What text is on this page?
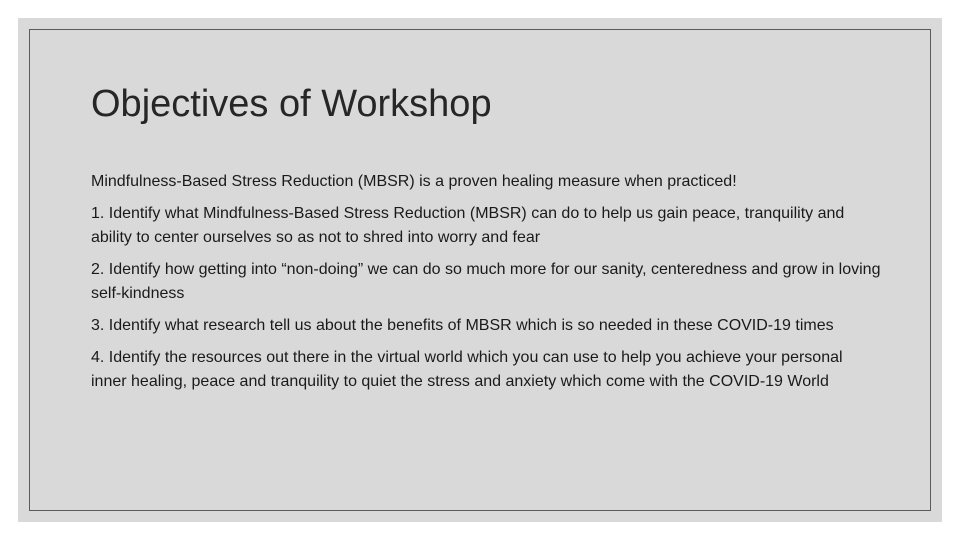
Objectives of Workshop

Mindfulness-Based Stress Reduction (MBSR) is a proven healing measure when practiced!

1. Identify what Mindfulness-Based Stress Reduction (MBSR) can do to help us gain peace, tranquility and ability to center ourselves so as not to shred into worry and fear

2. Identify how getting into “non-doing” we can do so much more for our sanity, centeredness and grow in loving self-kindness

3. Identify what research tell us about the benefits of MBSR which is so needed in these COVID-19 times

4. Identify the resources out there in the virtual world which you can use to help you achieve your personal inner healing, peace and tranquility to quiet the stress and anxiety which come with the COVID-19 World
